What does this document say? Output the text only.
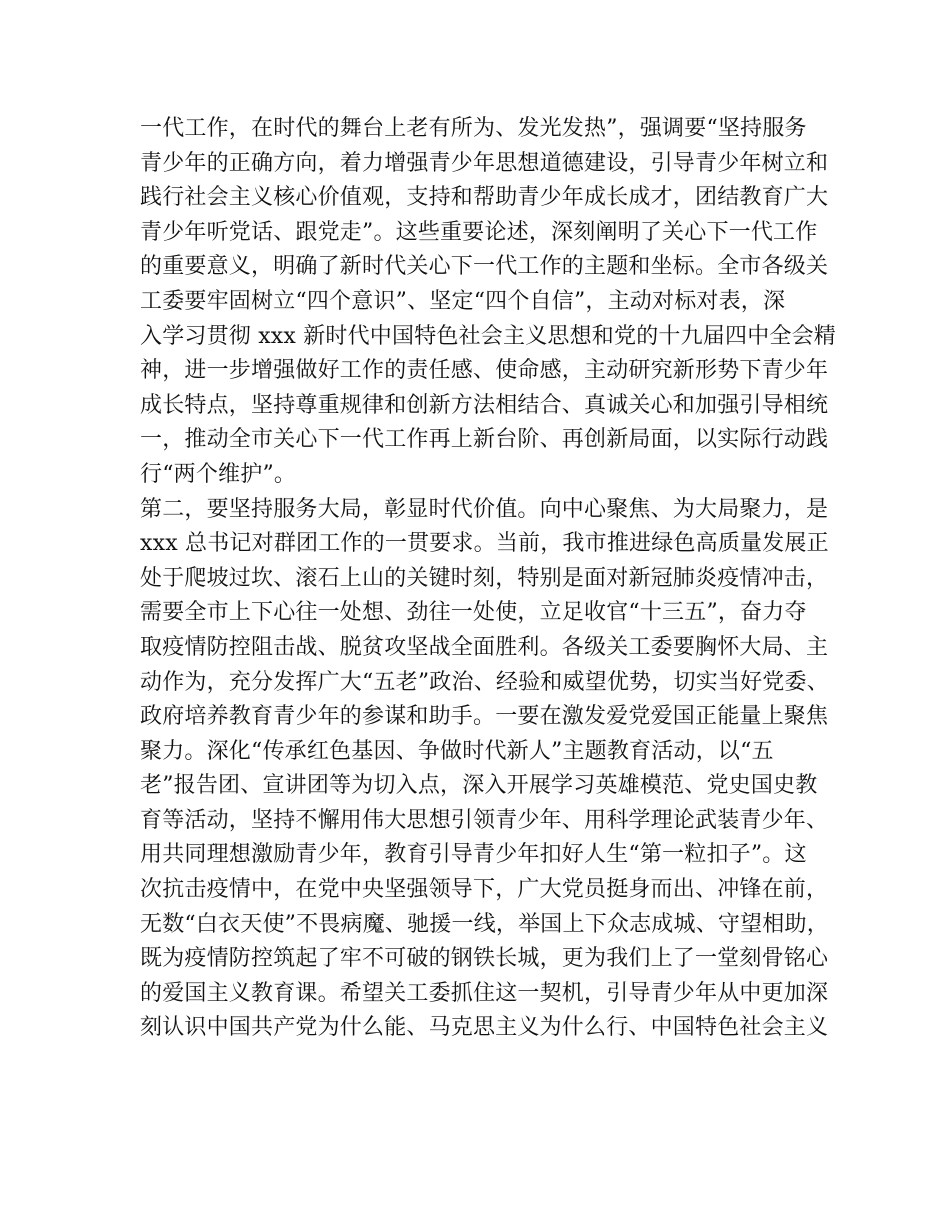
一代工作，在时代的舞台上老有所为、发光发热”，强调要“坚持服务
青少年的正确方向，着力增强青少年思想道德建设，引导青少年树立和
践行社会主义核心价值观，支持和帮助青少年成长成才，团结教育广大
青少年听党话、跟党走”。这些重要论述，深刻阐明了关心下一代工作
的重要意义，明确了新时代关心下一代工作的主题和坐标。全市各级关
工委要牢固树立“四个意识”、坚定“四个自信”，主动对标对表，深
入学习贯彻 xxx 新时代中国特色社会主义思想和党的十九届四中全会精
神，进一步增强做好工作的责任感、使命感，主动研究新形势下青少年
成长特点，坚持尊重规律和创新方法相结合、真诚关心和加强引导相统
一，推动全市关心下一代工作再上新台阶、再创新局面，以实际行动践
行“两个维护”。
第二，要坚持服务大局，彰显时代价值。向中心聚焦、为大局聚力，是
xxx 总书记对群团工作的一贯要求。当前，我市推进绿色高质量发展正
处于爬坡过坎、滚石上山的关键时刻，特别是面对新冠肺炎疫情冲击，
需要全市上下心往一处想、劲往一处使，立足收官“十三五”，奋力夺
取疫情防控阻击战、脱贫攻坚战全面胜利。各级关工委要胸怀大局、主
动作为，充分发挥广大“五老”政治、经验和威望优势，切实当好党委、
政府培养教育青少年的参谋和助手。一要在激发爱党爱国正能量上聚焦
聚力。深化“传承红色基因、争做时代新人”主题教育活动，以“五
老”报告团、宣讲团等为切入点，深入开展学习英雄模范、党史国史教
育等活动，坚持不懈用伟大思想引领青少年、用科学理论武装青少年、
用共同理想激励青少年，教育引导青少年扣好人生“第一粒扣子”。这
次抗击疫情中，在党中央坚强领导下，广大党员挺身而出、冲锋在前，
无数“白衣天使”不畏病魔、驰援一线，举国上下众志成城、守望相助，
既为疫情防控筑起了牢不可破的钢铁长城，更为我们上了一堂刻骨铭心
的爱国主义教育课。希望关工委抓住这一契机，引导青少年从中更加深
刻认识中国共产党为什么能、马克思主义为什么行、中国特色社会主义
